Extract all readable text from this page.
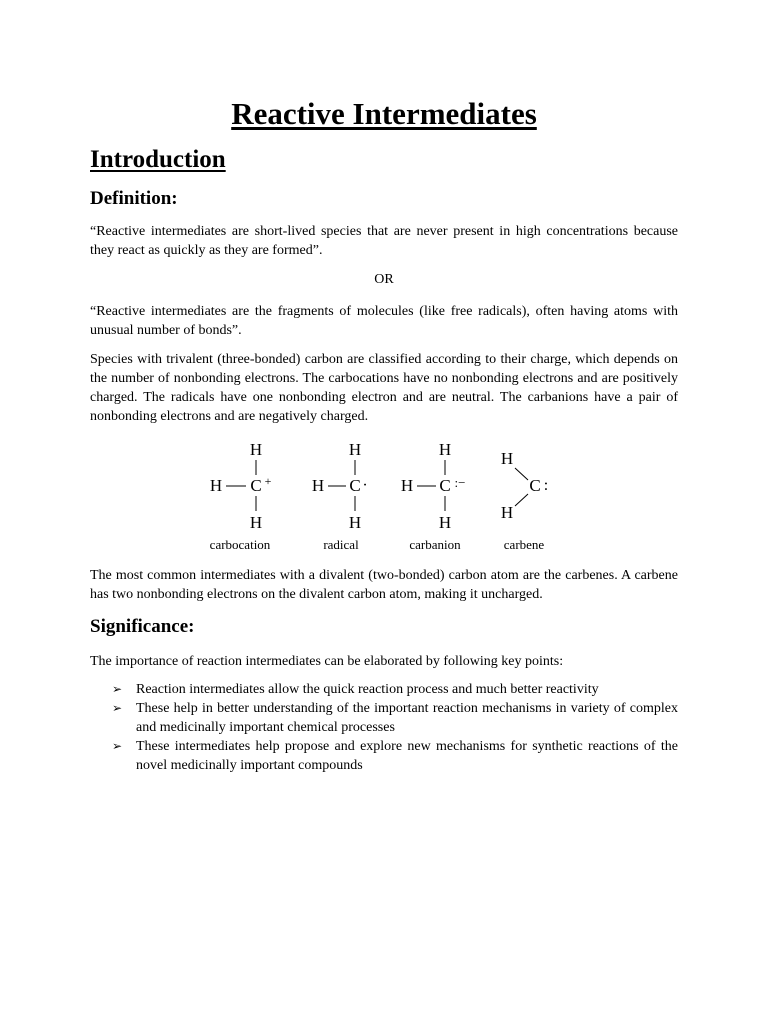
Reactive Intermediates
Introduction
Definition:

“Reactive intermediates are short-lived species that are never present in high concentrations because they react as quickly as they are formed”.

OR

“Reactive intermediates are the fragments of molecules (like free radicals), often having atoms with unusual number of bonds”.

Species with trivalent (three-bonded) carbon are classified according to their charge, which depends on the number of nonbonding electrons. The carbocations have no nonbonding electrons and are positively charged. The radicals have one nonbonding electron and are neutral. The carbanions have a pair of nonbonding electrons and are negatively charged.

H
H C +
H
carbocation
H
H C ·
H
radical
H
H C :−
H
carbanion
H
C :
H
carbene

The most common intermediates with a divalent (two-bonded) carbon atom are the carbenes. A carbene has two nonbonding electrons on the divalent carbon atom, making it uncharged.

Significance:

The importance of reaction intermediates can be elaborated by following key points:

➢ Reaction intermediates allow the quick reaction process and much better reactivity
➢ These help in better understanding of the important reaction mechanisms in variety of complex and medicinally important chemical processes
➢ These intermediates help propose and explore new mechanisms for synthetic reactions of the novel medicinally important compounds
